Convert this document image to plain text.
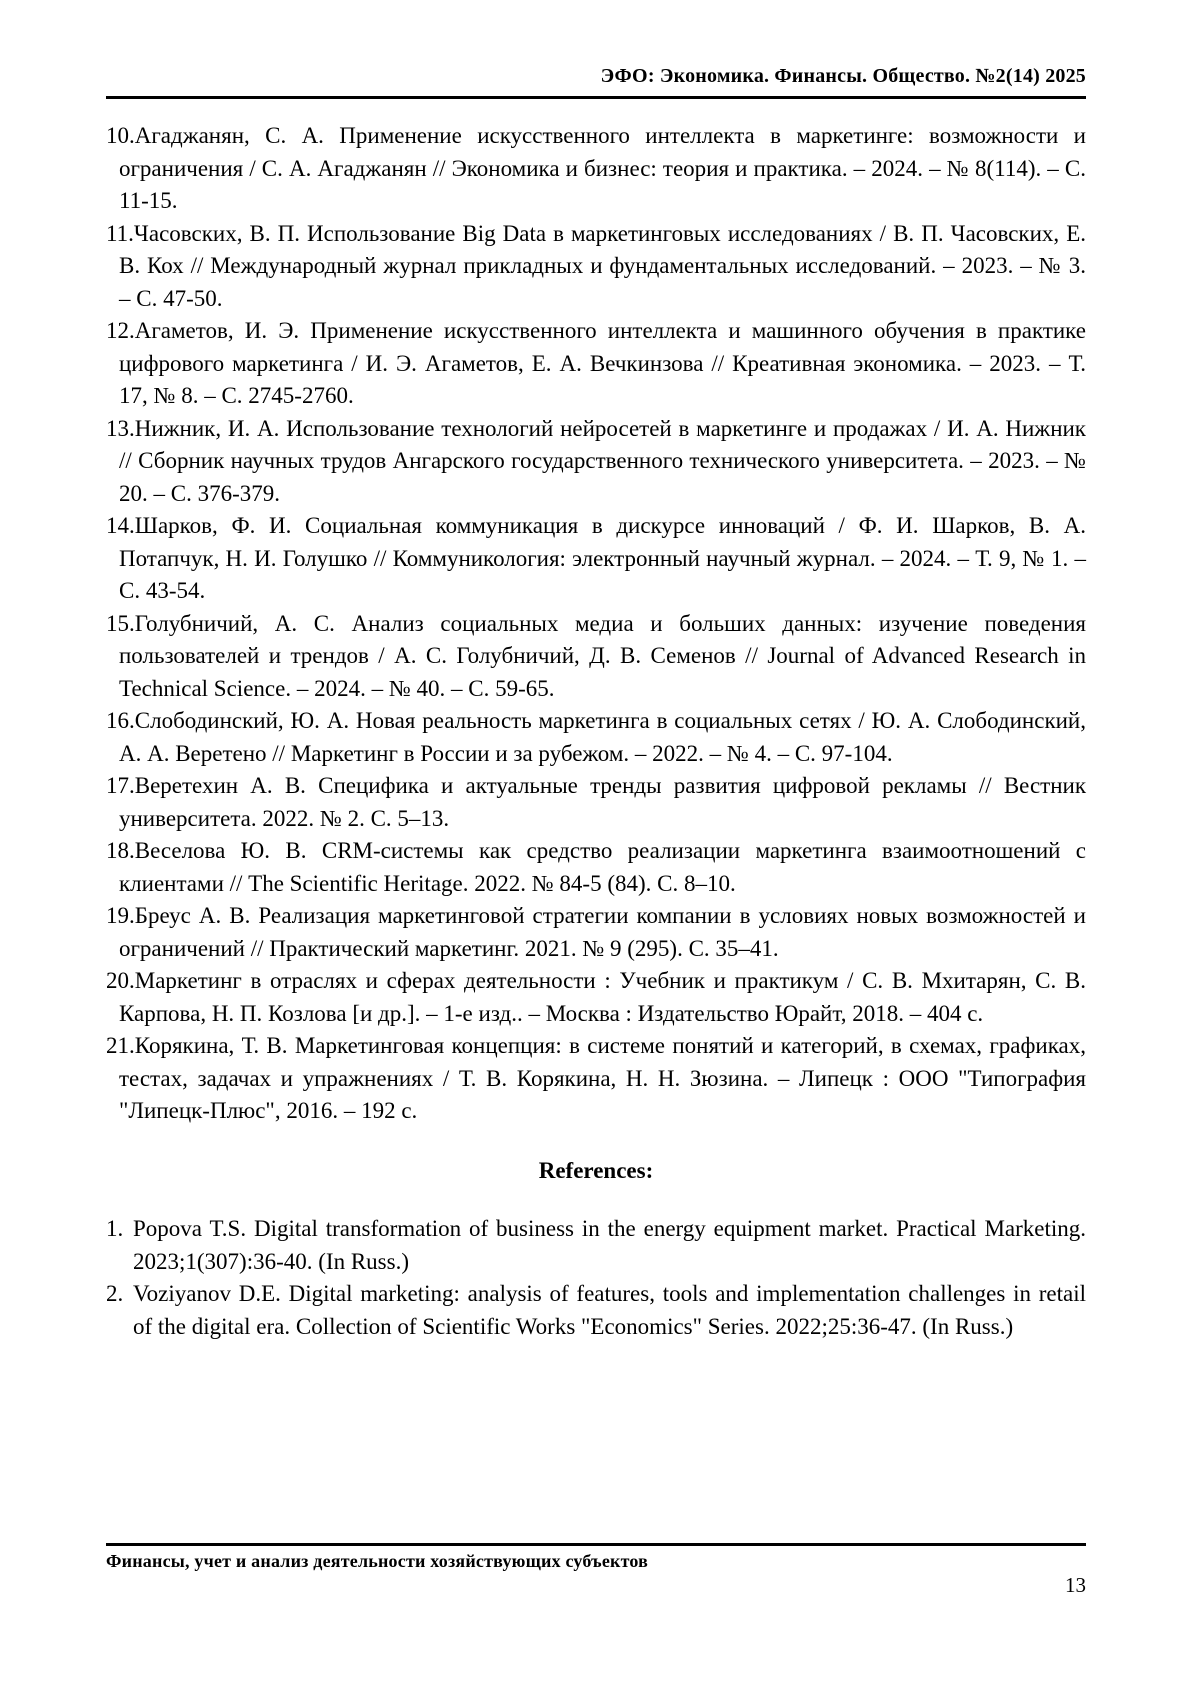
ЭФО: Экономика. Финансы. Общество. №2(14) 2025
10.Агаджанян, С. А. Применение искусственного интеллекта в маркетинге: возможности и ограничения / С. А. Агаджанян // Экономика и бизнес: теория и практика. – 2024. – № 8(114). – С. 11-15.
11.Часовских, В. П. Использование Big Data в маркетинговых исследованиях / В. П. Часовских, Е. В. Кох // Международный журнал прикладных и фундаментальных исследований. – 2023. – № 3. – С. 47-50.
12.Агаметов, И. Э. Применение искусственного интеллекта и машинного обучения в практике цифрового маркетинга / И. Э. Агаметов, Е. А. Вечкинзова // Креативная экономика. – 2023. – Т. 17, № 8. – С. 2745-2760.
13.Нижник, И. А. Использование технологий нейросетей в маркетинге и продажах / И. А. Нижник // Сборник научных трудов Ангарского государственного технического университета. – 2023. – № 20. – С. 376-379.
14.Шарков, Ф. И. Социальная коммуникация в дискурсе инноваций / Ф. И. Шарков, В. А. Потапчук, Н. И. Голушко // Коммуникология: электронный научный журнал. – 2024. – Т. 9, № 1. – С. 43-54.
15.Голубничий, А. С. Анализ социальных медиа и больших данных: изучение поведения пользователей и трендов / А. С. Голубничий, Д. В. Семенов // Journal of Advanced Research in Technical Science. – 2024. – № 40. – С. 59-65.
16.Слободинский, Ю. А. Новая реальность маркетинга в социальных сетях / Ю. А. Слободинский, А. А. Веретено // Маркетинг в России и за рубежом. – 2022. – № 4. – С. 97-104.
17.Веретехин А. В. Специфика и актуальные тренды развития цифровой рекламы // Вестник университета. 2022. № 2. С. 5–13.
18.Веселова Ю. В. CRM-системы как средство реализации маркетинга взаимоотношений с клиентами // The Scientific Heritage. 2022. № 84-5 (84). С. 8–10.
19.Бреус А. В. Реализация маркетинговой стратегии компании в условиях новых возможностей и ограничений // Практический маркетинг. 2021. № 9 (295). С. 35–41.
20.Маркетинг в отраслях и сферах деятельности : Учебник и практикум / С. В. Мхитарян, С. В. Карпова, Н. П. Козлова [и др.]. – 1-е изд.. – Москва : Издательство Юрайт, 2018. – 404 с.
21.Корякина, Т. В. Маркетинговая концепция: в системе понятий и категорий, в схемах, графиках, тестах, задачах и упражнениях / Т. В. Корякина, Н. Н. Зюзина. – Липецк : ООО "Типография "Липецк-Плюс", 2016. – 192 с.
References:
1. Popova T.S. Digital transformation of business in the energy equipment market. Practical Marketing. 2023;1(307):36-40. (In Russ.)
2. Voziyanov D.E. Digital marketing: analysis of features, tools and implementation challenges in retail of the digital era. Collection of Scientific Works "Economics" Series. 2022;25:36-47. (In Russ.)
Финансы, учет и анализ деятельности хозяйствующих субъектов
13
